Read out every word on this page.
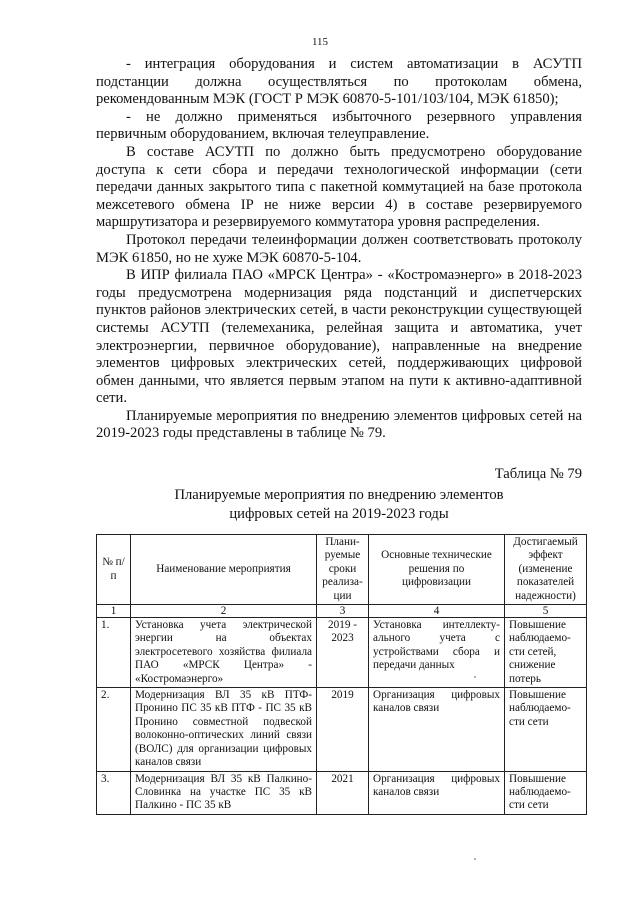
115

- интеграция оборудования и систем автоматизации в АСУТП подстанции должна осуществляться по протоколам обмена, рекомендованным МЭК (ГОСТ Р МЭК 60870-5-101/103/104, МЭК 61850);

- не должно применяться избыточного резервного управления первичным оборудованием, включая телеуправление.

В составе АСУТП по должно быть предусмотрено оборудование доступа к сети сбора и передачи технологической информации (сети передачи данных закрытого типа с пакетной коммутацией на базе протокола межсетевого обмена IP не ниже версии 4) в составе резервируемого маршрутизатора и резервируемого коммутатора уровня распределения.

Протокол передачи телеинформации должен соответствовать протоколу МЭК 61850, но не хуже МЭК 60870-5-104.

В ИПР филиала ПАО «МРСК Центра» - «Костромаэнерго» в 2018-2023 годы предусмотрена модернизация ряда подстанций и диспетчерских пунктов районов электрических сетей, в части реконструкции существующей системы АСУТП (телемеханика, релейная защита и автоматика, учет электроэнергии, первичное оборудование), направленные на внедрение элементов цифровых электрических сетей, поддерживающих цифровой обмен данными, что является первым этапом на пути к активно-адаптивной сети.

Планируемые мероприятия по внедрению элементов цифровых сетей на 2019-2023 годы представлены в таблице № 79.

Таблица № 79
Планируемые мероприятия по внедрению элементов
цифровых сетей на 2019-2023 годы
№ п/п	Наименование мероприятия	Плани-руемые сроки реализа-ции	Основные технические решения по цифровизации	Достигаемый эффект (изменение показателей надежности)
1	2	3	4	5
1.	Установка учета электрической энергии на объектах электросетевого хозяйства филиала ПАО «МРСК Центра» - «Костромаэнерго»	2019 - 2023	Установка интеллекту-ального учета с устройствами сбора и передачи данных	Повышение наблюдаемо-сти сетей, снижение потерь
2.	Модернизация ВЛ 35 кВ ПТФ-Пронино ПС 35 кВ ПТФ - ПС 35 кВ Пронино совместной подвеской волоконно-оптических линий связи (ВОЛС) для организации цифровых каналов связи	2019	Организация цифровых каналов связи	Повышение наблюдаемо-сти сети
3.	Модернизация ВЛ 35 кВ Палкино-Словинка на участке ПС 35 кВ Палкино - ПС 35 кВ	2021	Организация цифровых каналов связи	Повышение наблюдаемо-сти сети
